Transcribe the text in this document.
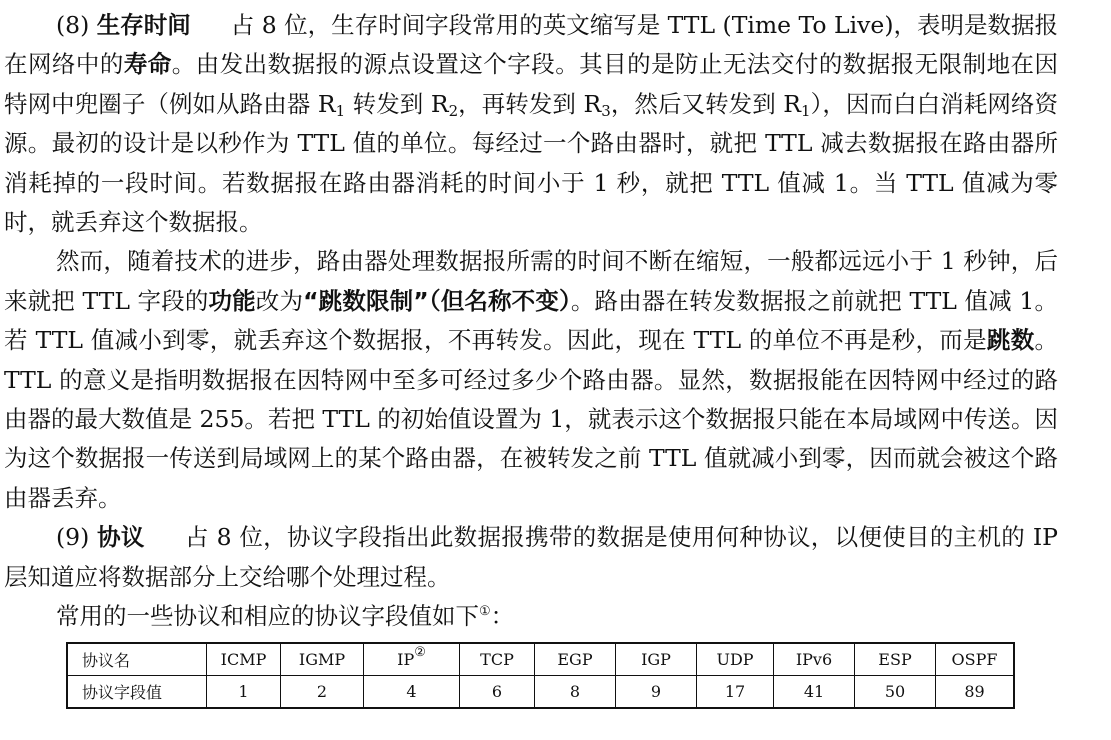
(8) 生存时间 占 8 位，生存时间字段常用的英文缩写是 TTL (Time To Live)，表明是数据报在网络中的寿命。由发出数据报的源点设置这个字段。其目的是防止无法交付的数据报无限制地在因特网中兜圈子（例如从路由器 $R_1$ 转发到 $R_2$，再转发到 $R_3$，然后又转发到 $R_1$），因而白白消耗网络资源。最初的设计是以秒作为 TTL 值的单位。每经过一个路由器时，就把 TTL 减去数据报在路由器所消耗掉的一段时间。若数据报在路由器消耗的时间小于 1 秒，就把 TTL 值减 1。当 TTL 值减为零时，就丢弃这个数据报。

然而，随着技术的进步，路由器处理数据报所需的时间不断在缩短，一般都远远小于 1 秒钟，后来就把 TTL 字段的功能改为“跳数限制”（但名称不变）。路由器在转发数据报之前就把 TTL 值减 1。若 TTL 值减小到零，就丢弃这个数据报，不再转发。因此，现在 TTL 的单位不再是秒，而是跳数。TTL 的意义是指明数据报在因特网中至多可经过多少个路由器。显然，数据报能在因特网中经过的路由器的最大数值是 255。若把 TTL 的初始值设置为 1，就表示这个数据报只能在本局域网中传送。因为这个数据报一传送到局域网上的某个路由器，在被转发之前 TTL 值就减小到零，因而就会被这个路由器丢弃。

(9) 协议 占 8 位，协议字段指出此数据报携带的数据是使用何种协议，以便使目的主机的 IP 层知道应将数据部分上交给哪个处理过程。

常用的一些协议和相应的协议字段值如下①：

协议名	ICMP	IGMP	IP②	TCP	EGP	IGP	UDP	IPv6	ESP	OSPF
协议字段值	1	2	4	6	8	9	17	41	50	89
